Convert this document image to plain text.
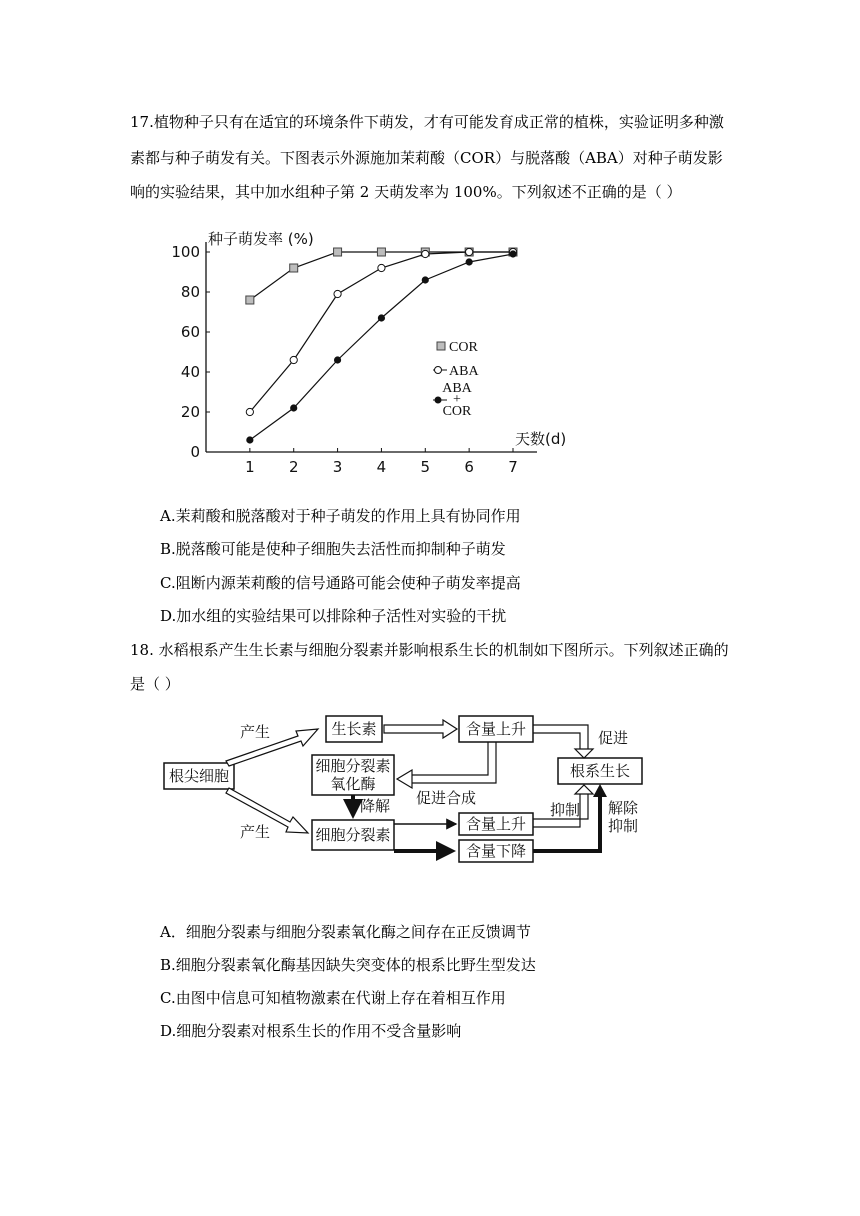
17.植物种子只有在适宜的环境条件下萌发，才有可能发育成正常的植株，实验证明多种激
素都与种子萌发有关。下图表示外源施加茉莉酸（COR）与脱落酸（ABA）对种子萌发影
响的实验结果，其中加水组种子第 2 天萌发率为 100%。下列叙述不正确的是（ ）
种子萌发率 (%)
天数(d)
0
20
40
60
80
100
1 2 3 4 5 6 7
COR
ABA
ABA
+
COR
A.茉莉酸和脱落酸对于种子萌发的作用上具有协同作用
B.脱落酸可能是使种子细胞失去活性而抑制种子萌发
C.阻断内源茉莉酸的信号通路可能会使种子萌发率提高
D.加水组的实验结果可以排除种子活性对实验的干扰
18. 水稻根系产生生长素与细胞分裂素并影响根系生长的机制如下图所示。下列叙述正确的
是（ ）
根尖细胞
生长素	含量上升
根系生长
细胞分裂素
氧化酶
细胞分裂素
含量上升
含量下降
产生
产生
促进
促进合成
降解	抑制 解除
抑制
A．细胞分裂素与细胞分裂素氧化酶之间存在正反馈调节
B.细胞分裂素氧化酶基因缺失突变体的根系比野生型发达
C.由图中信息可知植物激素在代谢上存在着相互作用
D.细胞分裂素对根系生长的作用不受含量影响
